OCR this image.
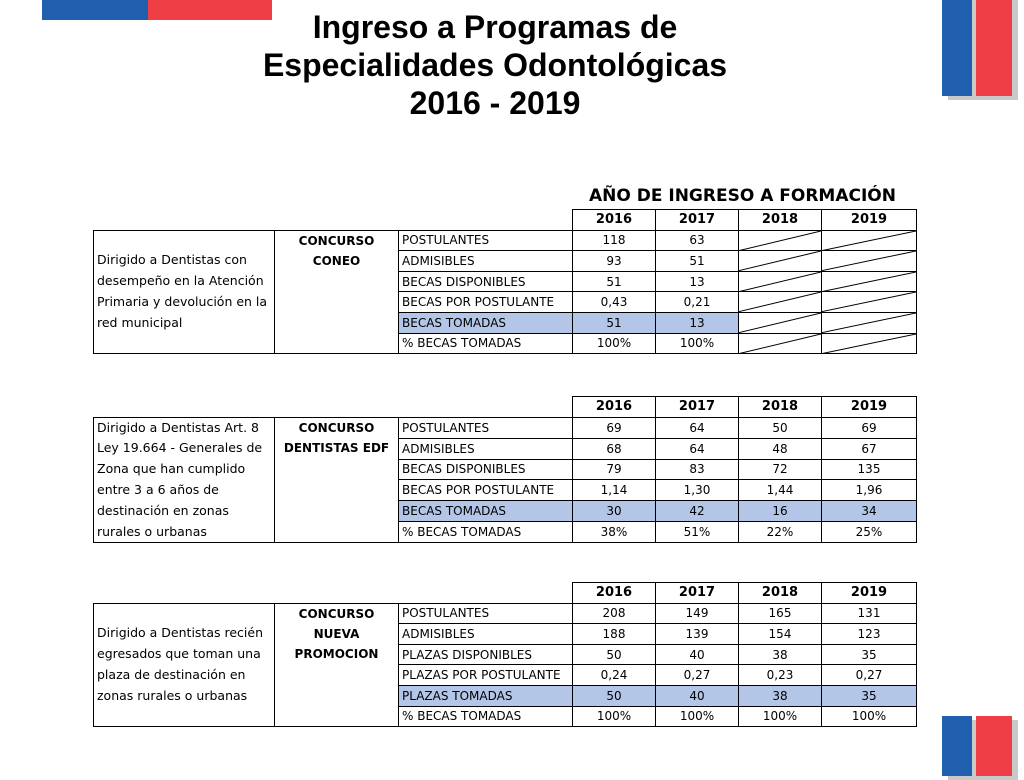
Ingreso a Programas de
Especialidades Odontológicas
2016 - 2019
AÑO DE INGRESO A FORMACIÓN
			2016	2017	2018	2019
Dirigido a Dentistas con desempeño en la Atención Primaria y devolución en la red municipal	CONCURSO
CONEO	POSTULANTES	118	63	

		ADMISIBLES	93	51	

		BECAS DISPONIBLES	51	13	

		BECAS POR POSTULANTE	0,43	0,21	

		BECAS TOMADAS	51	13	

		% BECAS TOMADAS	100%	100%	

			2016	2017	2018	2019
Dirigido a Dentistas Art. 8 Ley 19.664 - Generales de Zona que han cumplido entre 3 a 6 años de destinación en zonas rurales o urbanas	CONCURSO
DENTISTAS EDF	POSTULANTES	69	64	50	69
		ADMISIBLES	68	64	48	67
		BECAS DISPONIBLES	79	83	72	135
		BECAS POR POSTULANTE	1,14	1,30	1,44	1,96
		BECAS TOMADAS	30	42	16	34
		% BECAS TOMADAS	38%	51%	22%	25%
			2016	2017	2018	2019
Dirigido a Dentistas recién egresados que toman una plaza de destinación en zonas rurales o urbanas	CONCURSO
NUEVA
PROMOCION	POSTULANTES	208	149	165	131
		ADMISIBLES	188	139	154	123
		PLAZAS DISPONIBLES	50	40	38	35
		PLAZAS POR POSTULANTE	0,24	0,27	0,23	0,27
		PLAZAS TOMADAS	50	40	38	35
		% BECAS TOMADAS	100%	100%	100%	100%
